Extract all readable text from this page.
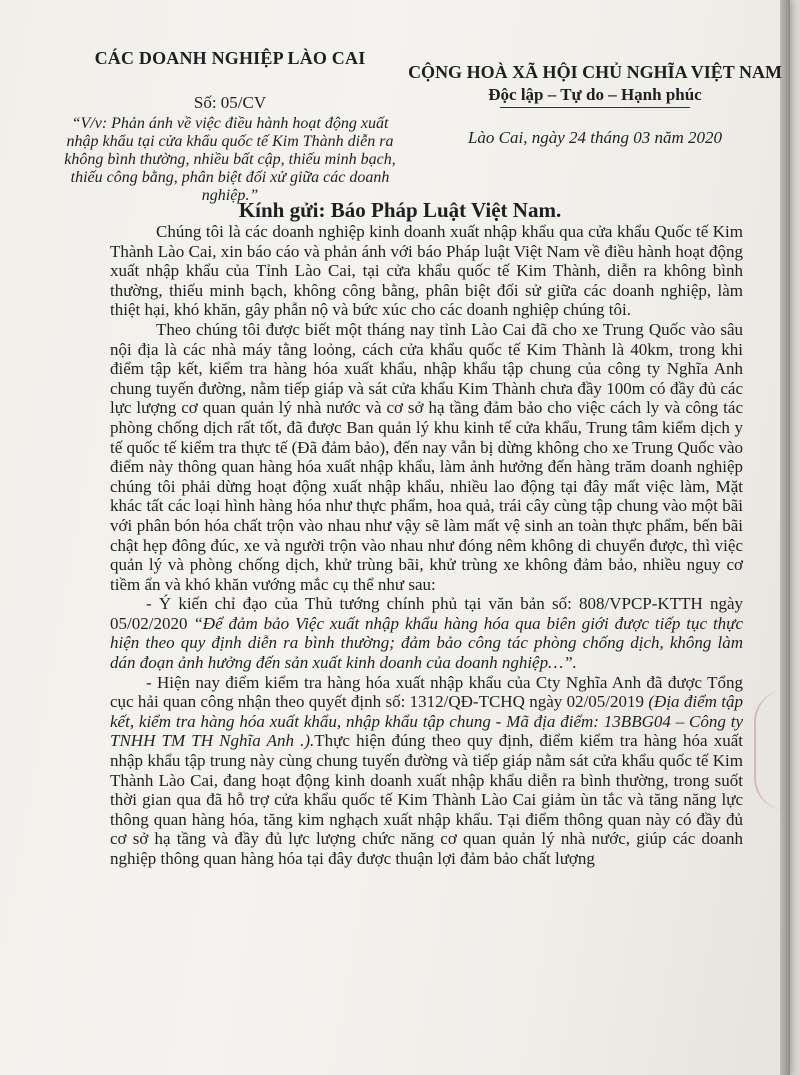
CÁC DOANH NGHIỆP LÀO CAI
Số: 05/CV
“V/v: Phản ánh về việc điều hành hoạt động xuất nhập khẩu tại cửa khẩu quốc tế Kim Thành diễn ra không bình thường, nhiều bất cập, thiếu minh bạch, thiếu công bằng, phân biệt đối xử giữa các doanh nghiệp.”
CỘNG HOÀ XÃ HỘI CHỦ NGHĨA VIỆT NAM
Độc lập – Tự do – Hạnh phúc
Lào Cai, ngày 24 tháng 03 năm 2020
Kính gửi: Báo Pháp Luật Việt Nam.

Chúng tôi là các doanh nghiệp kinh doanh xuất nhập khẩu qua cửa khẩu Quốc tế Kim Thành Lào Cai, xin báo cáo và phản ánh với báo Pháp luật Việt Nam về điều hành hoạt động xuất nhập khẩu của Tỉnh Lào Cai, tại cửa khẩu quốc tế Kim Thành, diễn ra không bình thường, thiếu minh bạch, không công bằng, phân biệt đối sử giữa các doanh nghiệp, làm thiệt hại, khó khăn, gây phẫn nộ và bức xúc cho các doanh nghiệp chúng tôi.

Theo chúng tôi được biết một tháng nay tỉnh Lào Cai đã cho xe Trung Quốc vào sâu nội địa là các nhà máy tằng loỏng, cách cửa khẩu quốc tế Kim Thành là 40km, trong khi điểm tập kết, kiểm tra hàng hóa xuất khẩu, nhập khẩu tập chung của công ty Nghĩa Anh chung tuyến đường, nằm tiếp giáp và sát cửa khẩu Kim Thành chưa đầy 100m có đầy đủ các lực lượng cơ quan quản lý nhà nước và cơ sở hạ tầng đảm bảo cho việc cách ly và công tác phòng chống dịch rất tốt, đã được Ban quản lý khu kinh tế cửa khẩu, Trung tâm kiểm dịch y tế quốc tế kiểm tra thực tế (Đã đảm bảo), đến nay vẫn bị dừng không cho xe Trung Quốc vào điểm này thông quan hàng hóa xuất nhập khẩu, làm ảnh hưởng đến hàng trăm doanh nghiệp chúng tôi phải dừng hoạt động xuất nhập khẩu, nhiều lao động tại đây mất việc làm, Mặt khác tất các loại hình hàng hóa như thực phẩm, hoa quả, trái cây cùng tập chung vào một bãi với phân bón hóa chất trộn vào nhau như vậy sẽ làm mất vệ sinh an toàn thực phẩm, bến bãi chật hẹp đông đúc, xe và người trộn vào nhau như đóng nêm không di chuyển được, thì việc quản lý và phòng chống dịch, khử trùng bãi, khử trùng xe không đảm bảo, nhiều nguy cơ tiềm ẩn và khó khăn vướng mắc cụ thể như sau:

- Ý kiến chỉ đạo của Thủ tướng chính phủ tại văn bản số: 808/VPCP-KTTH ngày 05/02/2020 “Để đảm bảo Việc xuất nhập khẩu hàng hóa qua biên giới được tiếp tục thực hiện theo quy định diễn ra bình thường; đảm bảo công tác phòng chống dịch, không làm dán đoạn ảnh hưởng đến sản xuất kinh doanh của doanh nghiệp…”.

- Hiện nay điểm kiểm tra hàng hóa xuất nhập khẩu của Cty Nghĩa Anh đã được Tổng cục hải quan công nhận theo quyết định số: 1312/QĐ-TCHQ ngày 02/05/2019 (Địa điểm tập kết, kiểm tra hàng hóa xuất khẩu, nhập khẩu tập chung - Mã địa điểm: 13BBG04 – Công ty TNHH TM TH Nghĩa Anh .).Thực hiện đúng theo quy định, điểm kiểm tra hàng hóa xuất nhập khẩu tập trung này cùng chung tuyến đường và tiếp giáp nằm sát cửa khẩu quốc tế Kim Thành Lào Cai, đang hoạt động kinh doanh xuất nhập khẩu diễn ra bình thường, trong suốt thời gian qua đã hỗ trợ cửa khẩu quốc tế Kim Thành Lào Cai giảm ùn tắc và tăng năng lực thông quan hàng hóa, tăng kim nghạch xuất nhập khẩu. Tại điểm thông quan này có đầy đủ cơ sở hạ tầng và đầy đủ lực lượng chức năng cơ quan quản lý nhà nước, giúp các doanh nghiệp thông quan hàng hóa tại đây được thuận lợi đảm bảo chất lượng
